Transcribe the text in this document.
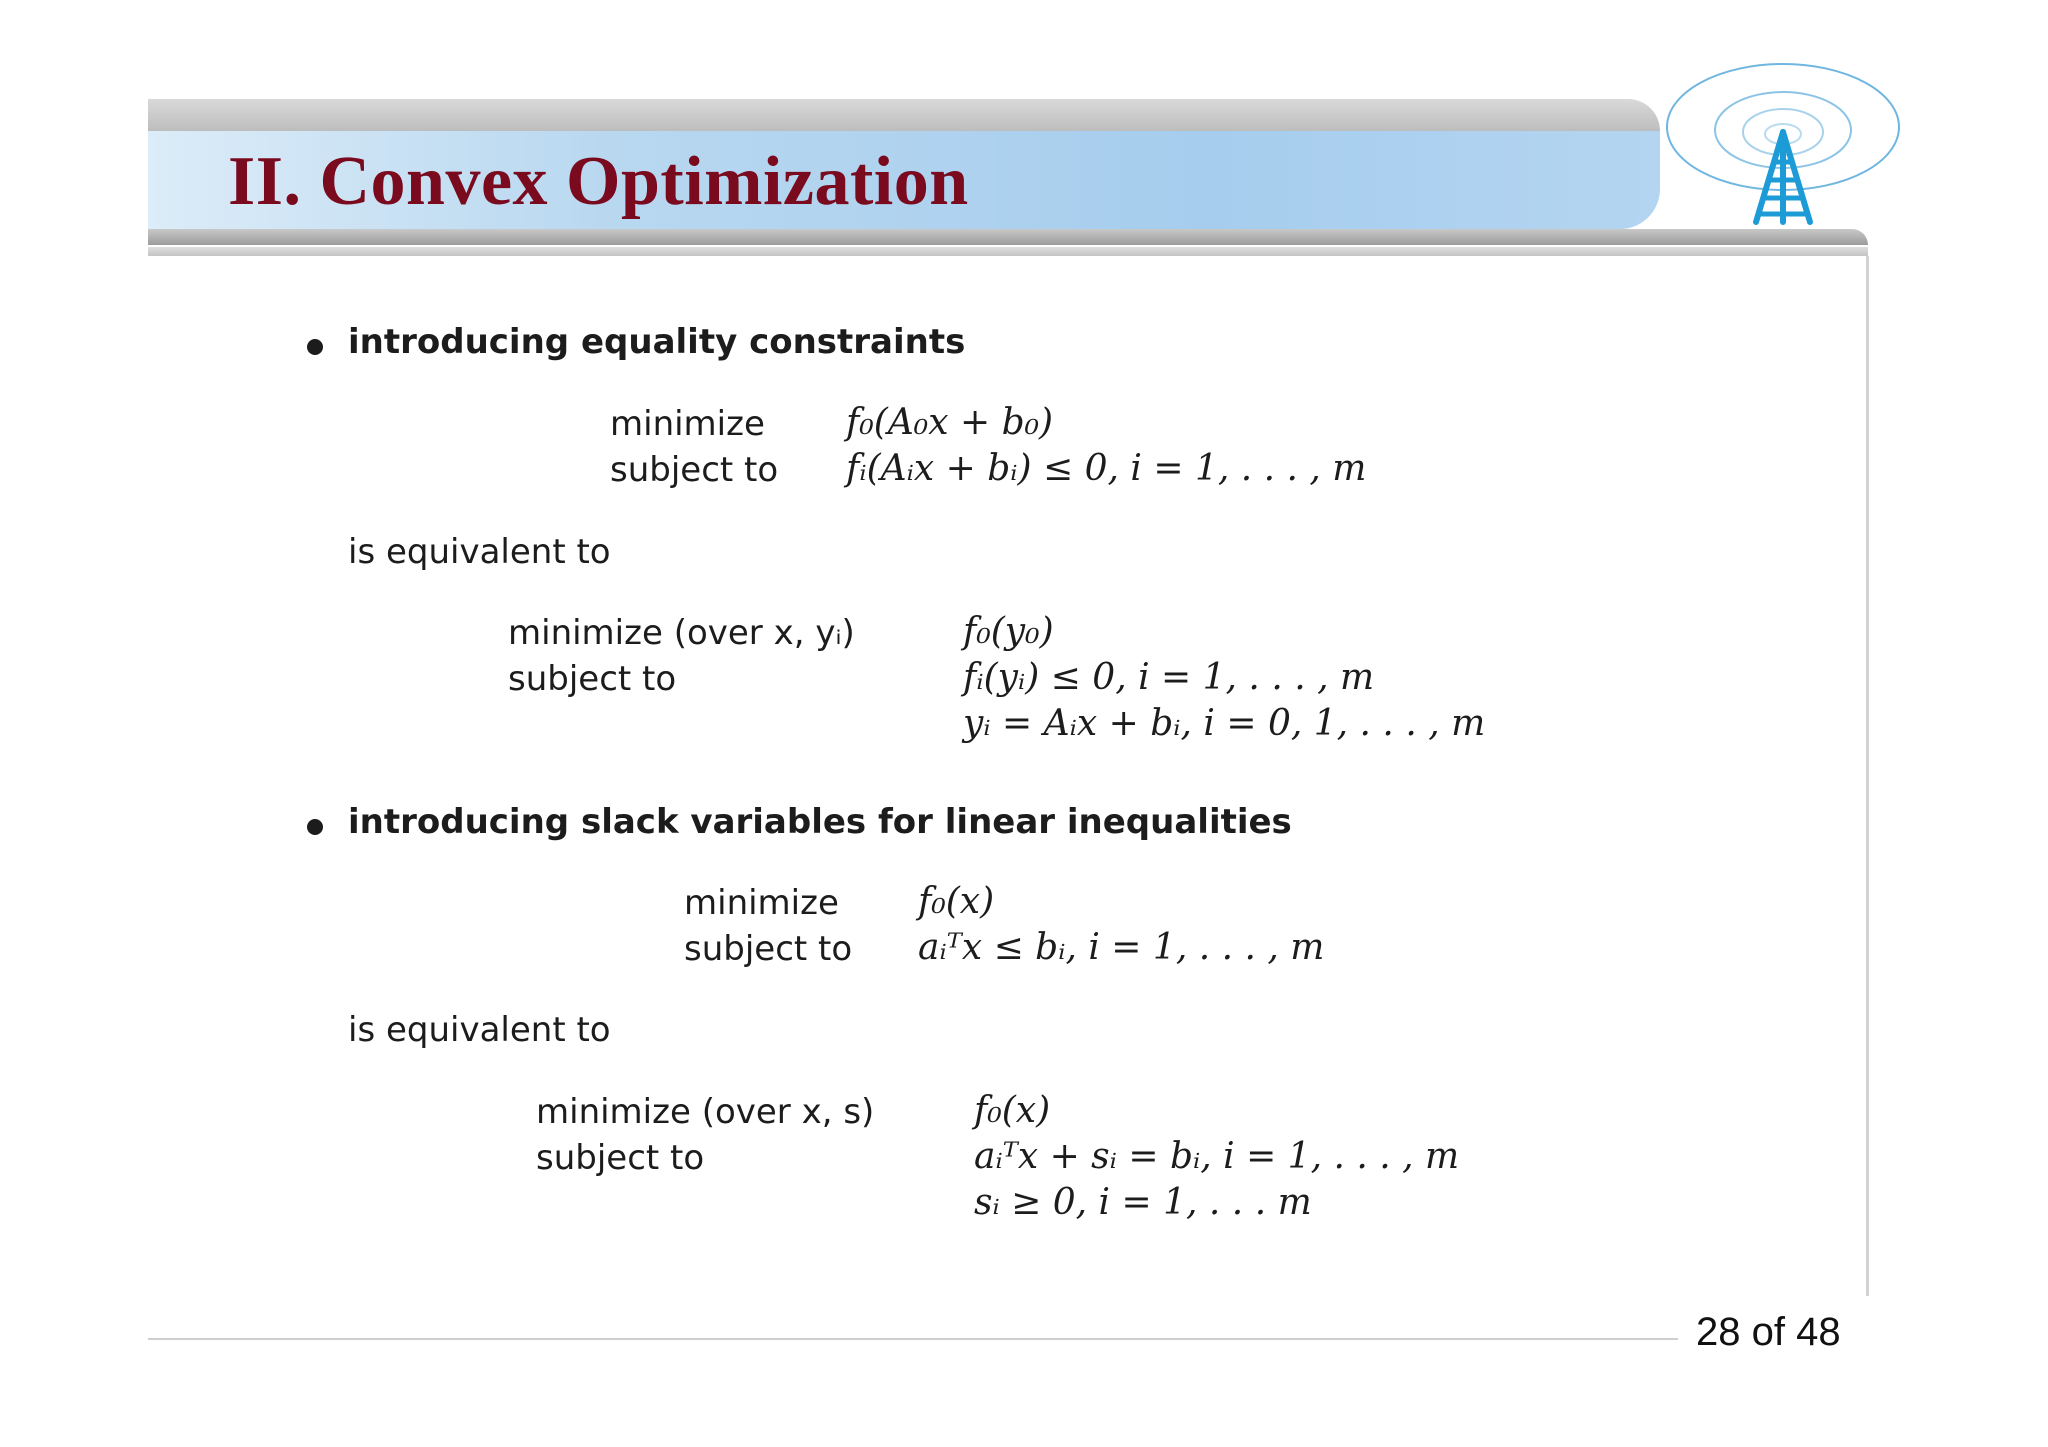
II. Convex Optimization
introducing equality constraints
minimize f₀(A₀x + b₀)
subject to fᵢ(Aᵢx + bᵢ) ≤ 0, i = 1, . . . , m
is equivalent to
minimize (over x, yᵢ)	f₀(y₀)
subject to	fᵢ(yᵢ) ≤ 0, i = 1, . . . , m
yᵢ = Aᵢx + bᵢ, i = 0, 1, . . . , m
introducing slack variables for linear inequalities
minimize f₀(x)
subject to aᵢᵀx ≤ bᵢ, i = 1, . . . , m
is equivalent to
minimize (over x, s)	f₀(x)
subject to	aᵢᵀx + sᵢ = bᵢ, i = 1, . . . , m
sᵢ ≥ 0, i = 1, . . . m
28 of 48
